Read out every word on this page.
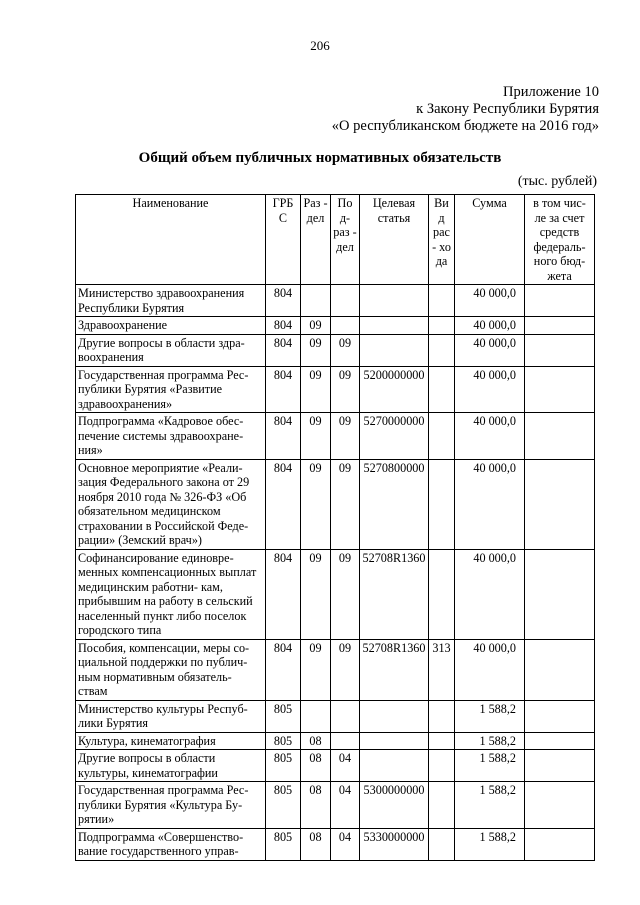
206
Приложение 10
к Закону Республики Бурятия
«О республиканском бюджете на 2016 год»
Общий объем публичных нормативных обязательств
(тыс. рублей)
Наименование	ГРБ С	Раз - дел	По д- раз - дел	Целевая статья	Ви д рас - хо да	Сумма	в том чис- ле за счет средств федераль- ного бюд- жета
Министерство здравоохранения Республики Бурятия	804					40 000,0	
Здравоохранение	804	09				40 000,0	
Другие вопросы в области здра- воохранения	804	09	09			40 000,0	
Государственная программа Рес- публики Бурятия «Развитие здравоохранения»	804	09	09	5200000000		40 000,0	
Подпрограмма «Кадровое обес- печение системы здравоохране- ния»	804	09	09	5270000000		40 000,0	
Основное мероприятие «Реали- зация Федерального закона от 29 ноября 2010 года № 326-ФЗ «Об обязательном медицинском страховании в Российской Феде- рации» (Земский врач»)	804	09	09	5270800000		40 000,0	
Софинансирование единовре- менных компенсационных выплат медицинским работни- кам, прибывшим на работу в сельский населенный пункт либо поселок городского типа	804	09	09	52708R1360		40 000,0	
Пособия, компенсации, меры со- циальной поддержки по публич- ным нормативным обязатель- ствам	804	09	09	52708R1360	313	40 000,0	
Министерство культуры Респуб- лики Бурятия	805					1 588,2	
Культура, кинематография	805	08				1 588,2	
Другие вопросы в области культуры, кинематографии	805	08	04			1 588,2	
Государственная программа Рес- публики Бурятия «Культура Бу- рятии»	805	08	04	5300000000		1 588,2	
Подпрограмма «Совершенство- вание государственного управ-	805	08	04	5330000000		1 588,2	
